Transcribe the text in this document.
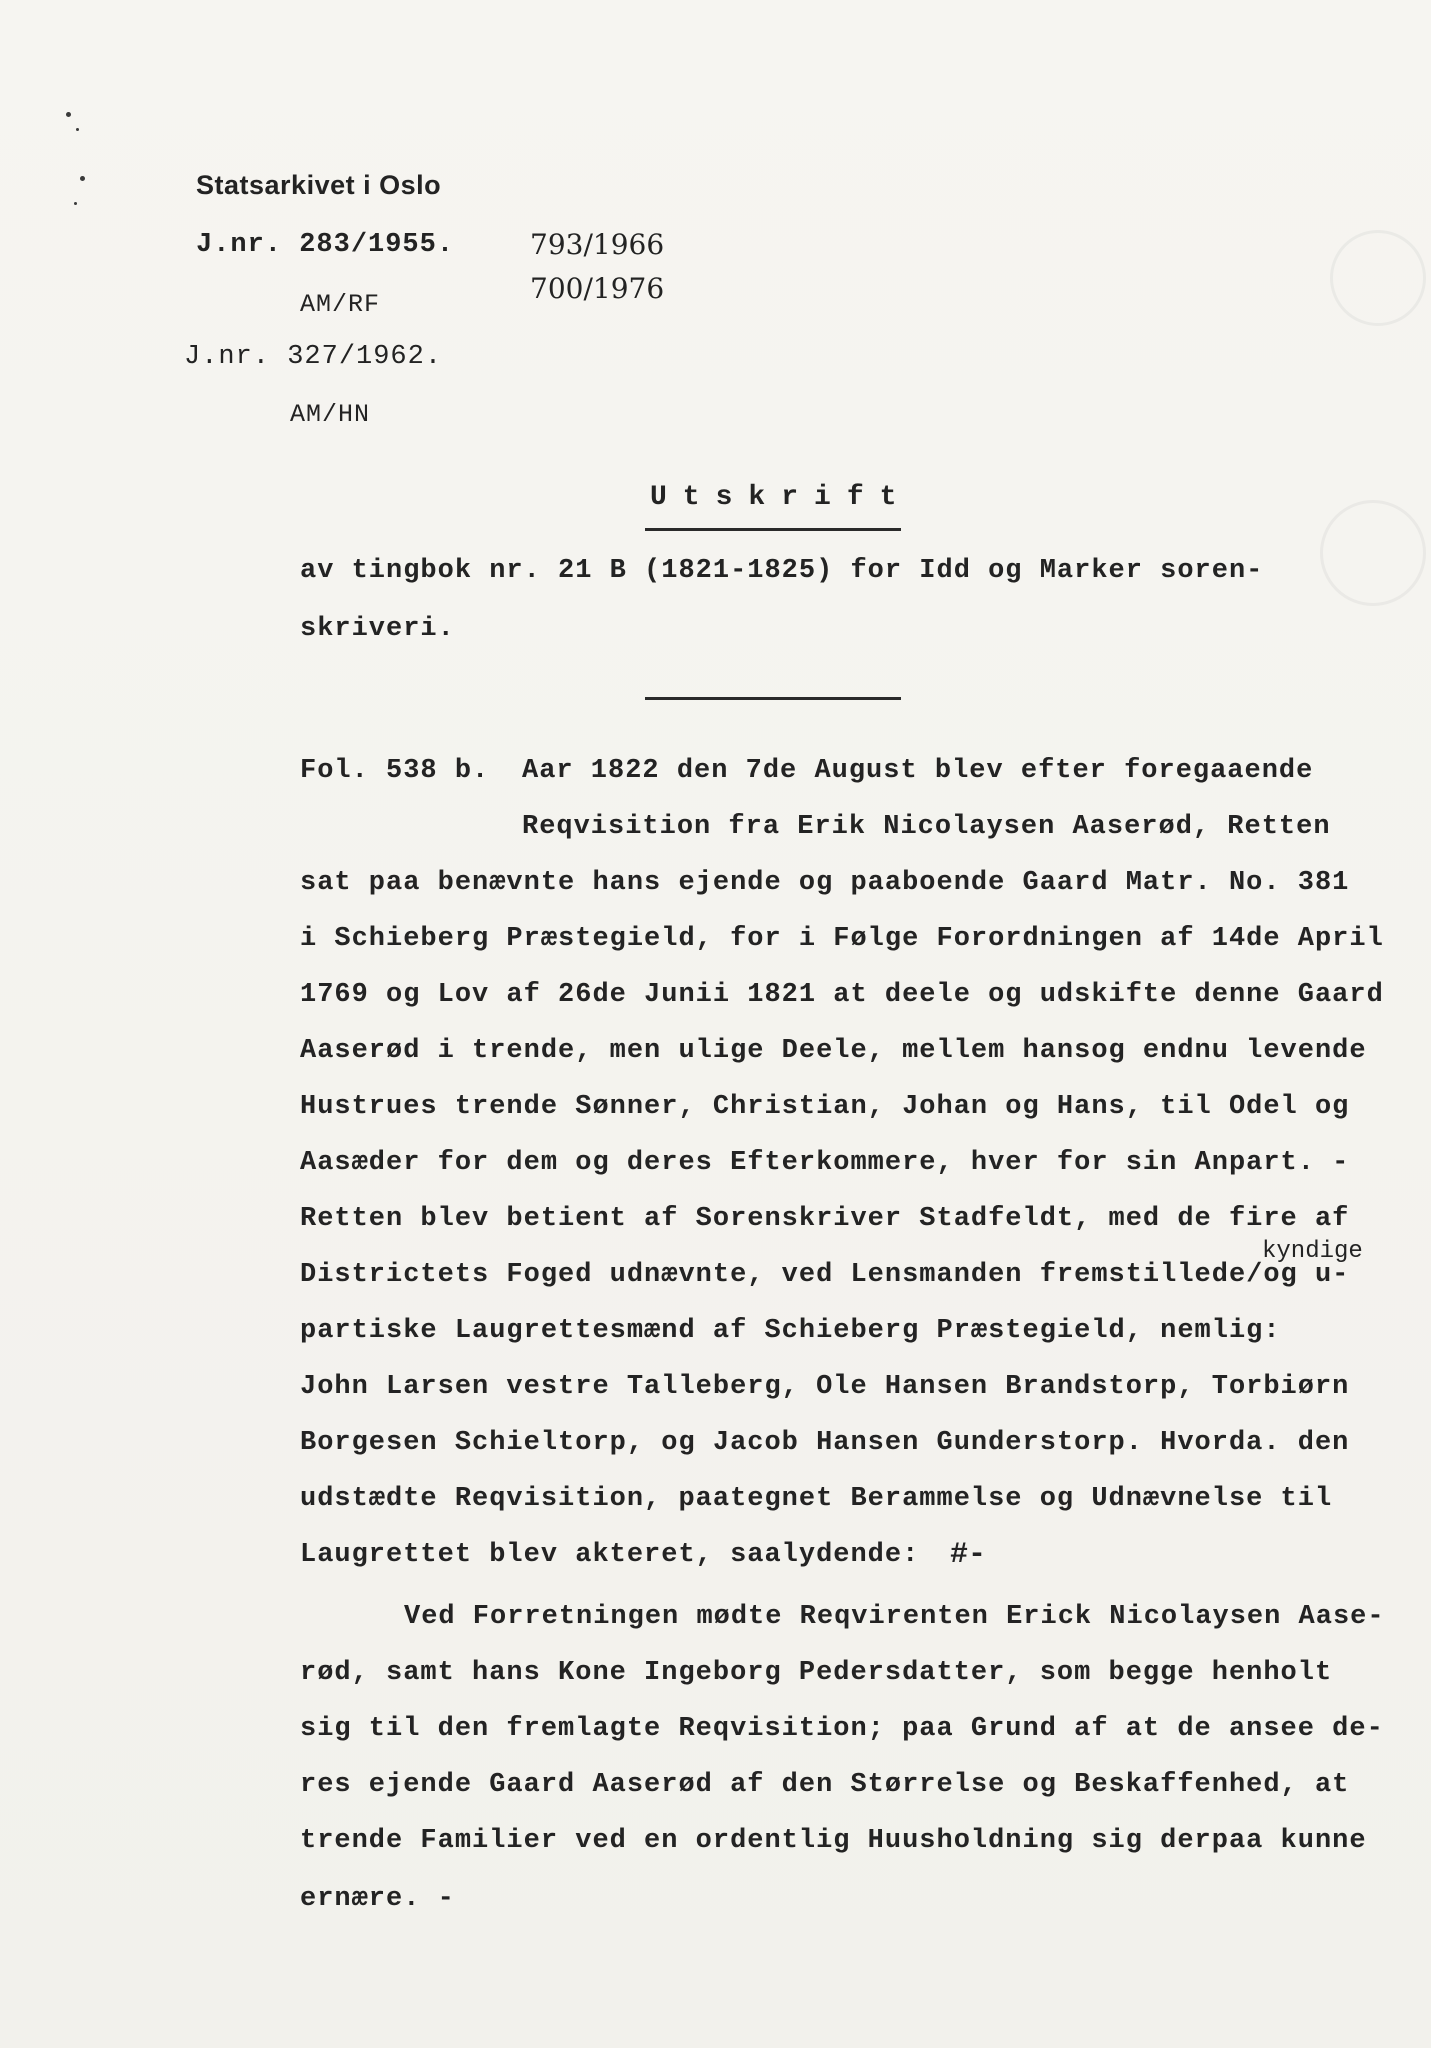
Statsarkivet i Oslo
J.nr. 283/1955.
AM/RF
J.nr. 327/1962.
AM/HN
793/1966
700/1976
Utskrift
av tingbok nr. 21 B (1821-1825) for Idd og Marker soren-
skriveri.
Fol. 538 b. Aar 1822 den 7de August blev efter foregaaende
Reqvisition fra Erik Nicolaysen Aaserød, Retten
sat paa benævnte hans ejende og paaboende Gaard Matr. No. 381
i Schieberg Præstegield, for i Følge Forordningen af 14de April
1769 og Lov af 26de Junii 1821 at deele og udskifte denne Gaard
Aaserød i trende, men ulige Deele, mellem hansog endnu levende
Hustrues trende Sønner, Christian, Johan og Hans, til Odel og
Aasæder for dem og deres Efterkommere, hver for sin Anpart. -
Retten blev betient af Sorenskriver Stadfeldt, med de fire af
kyndige
Districtets Foged udnævnte, ved Lensmanden fremstillede/og u-
partiske Laugrettesmænd af Schieberg Præstegield, nemlig:
John Larsen vestre Talleberg, Ole Hansen Brandstorp, Torbiørn
Borgesen Schieltorp, og Jacob Hansen Gunderstorp. Hvorda. den
udstædte Reqvisition, paategnet Berammelse og Udnævnelse til
Laugrettet blev akteret, saalydende: #-
Ved Forretningen mødte Reqvirenten Erick Nicolaysen Aase-
rød, samt hans Kone Ingeborg Pedersdatter, som begge henholt
sig til den fremlagte Reqvisition; paa Grund af at de ansee de-
res ejende Gaard Aaserød af den Størrelse og Beskaffenhed, at
trende Familier ved en ordentlig Huusholdning sig derpaa kunne
ernære. -
